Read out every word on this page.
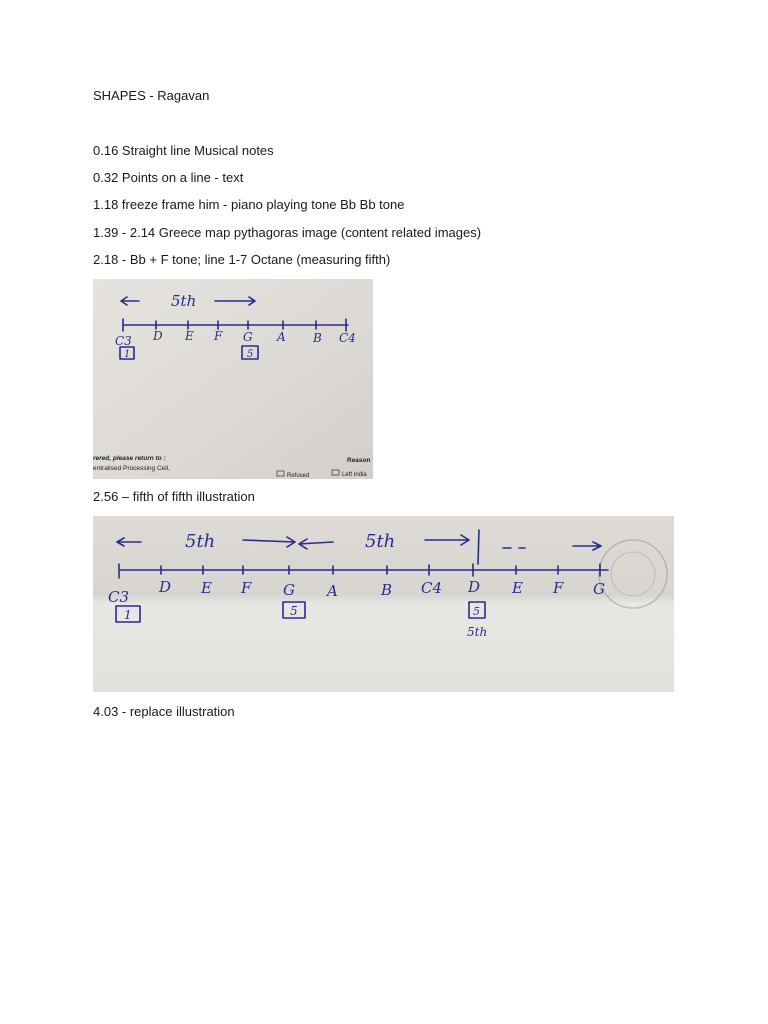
SHAPES - Ragavan
0.16 Straight line Musical notes
0.32 Points on a line - text
1.18 freeze frame him - piano playing tone Bb Bb tone
1.39 - 2.14 Greece map pythagoras image (content related images)
2.18 - Bb + F tone; line 1-7 Octane (measuring fifth)
5th
C3 D E F G A B C4
1	5
rered, please return to :
entralised Processing Cell,
Reason
Refused	Left India
2.56 – fifth of fifth illustration
5th	5th
C3
D E F G A	B C4 D E F G
1	5	5
5th
4.03 - replace illustration
